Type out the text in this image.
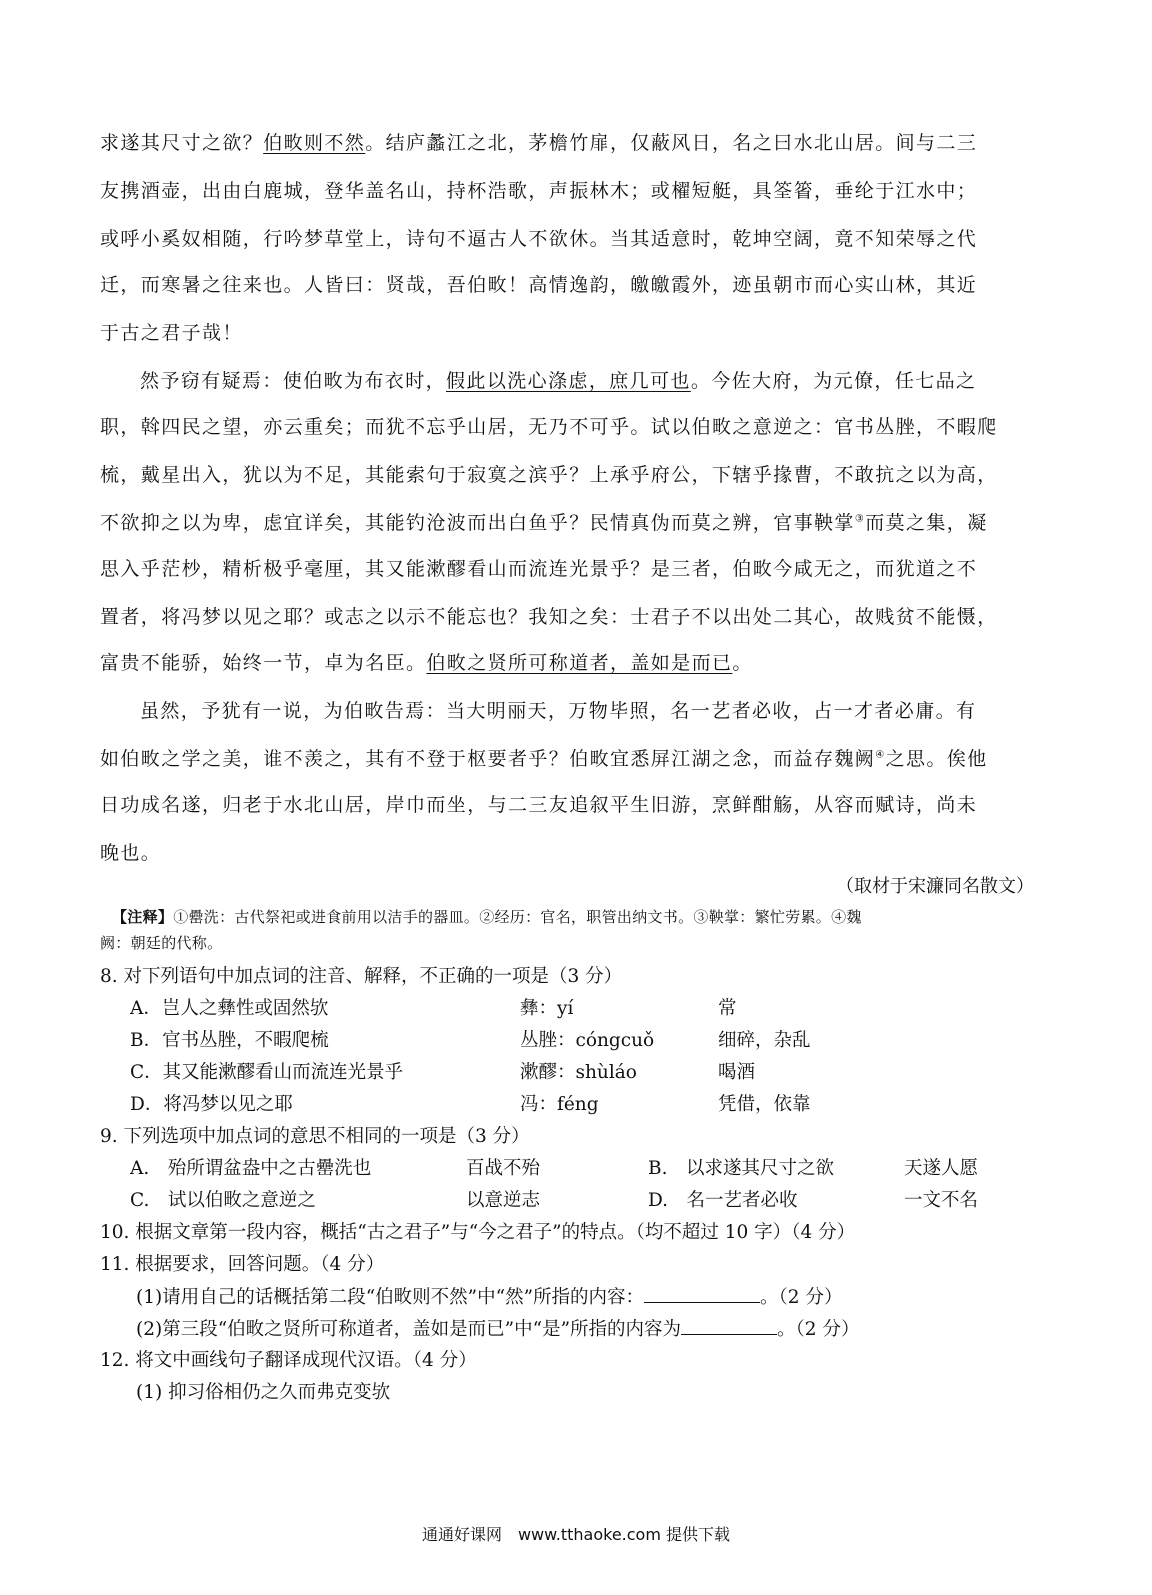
求遂其尺寸之欲？伯畋则不然。结庐蠡江之北，茅檐竹扉，仅蔽风日，名之曰水北山居。间与二三
友携酒壶，出由白鹿城，登华盖名山，持杯浩歌，声振林木；或櫂短艇，具筌箵，垂纶于江水中；
或呼小奚奴相随，行吟梦草堂上，诗句不逼古人不欲休。当其适意时，乾坤空阔，竟不知荣辱之代
迁，而寒暑之往来也。人皆曰：贤哉，吾伯畋！高情逸韵，皦皦霞外，迹虽朝市而心实山林，其近
于古之君子哉！
然予窃有疑焉：使伯畋为布衣时，假此以洗心涤虑，庶几可也。今佐大府，为元僚，任七品之
职，斡四民之望，亦云重矣；而犹不忘乎山居，无乃不可乎。试以伯畋之意逆之：官书丛脞，不暇爬
梳，戴星出入，犹以为不足，其能索句于寂寞之滨乎？上承乎府公，下辖乎掾曹，不敢抗之以为高，
不欲抑之以为卑，虑宜详矣，其能钓沧波而出白鱼乎？民情真伪而莫之辨，官事鞅掌③而莫之集，凝
思入乎茫杪，精析极乎毫厘，其又能漱醪看山而流连光景乎？是三者，伯畋今咸无之，而犹道之不
置者，将冯梦以见之耶？或志之以示不能忘也？我知之矣：士君子不以出处二其心，故贱贫不能慑，
富贵不能骄，始终一节，卓为名臣。伯畋之贤所可称道者，盖如是而已。
虽然，予犹有一说，为伯畋告焉：当大明丽天，万物毕照，名一艺者必收，占一才者必庸。有
如伯畋之学之美，谁不羡之，其有不登于枢要者乎？伯畋宜悉屏江湖之念，而益存魏阙④之思。俟他
日功成名遂，归老于水北山居，岸巾而坐，与二三友追叙平生旧游，烹鲜酣觞，从容而赋诗，尚未
晚也。
（取材于宋濂同名散文）
【注释】①罍洗：古代祭祀或进食前用以洁手的器皿。②经历：官名，职管出纳文书。③鞅掌：繁忙劳累。④魏
阙：朝廷的代称。
8. 对下列语句中加点词的注音、解释，不正确的一项是（3 分）
A．岂人之彝性或固然欤	彝：yí	常
B．官书丛脞，不暇爬梳	丛脞：cóngcuǒ	细碎，杂乱
C．其又能漱醪看山而流连光景乎	漱醪：shùláo	喝酒
D．将冯梦以见之耶	冯：féng	凭借，依靠
9. 下列选项中加点词的意思不相同的一项是（3 分）
A.　殆所谓盆盎中之古罍洗也	百战不殆	B.　以求遂其尺寸之欲	天遂人愿
C.　试以伯畋之意逆之	以意逆志	D.　名一艺者必收	一文不名
10. 根据文章第一段内容，概括“古之君子”与“今之君子”的特点。（均不超过 10 字）（4 分）
11. 根据要求，回答问题。（4 分）
(1)请用自己的话概括第二段“伯畋则不然”中“然”所指的内容：	。（2 分）
(2)第三段“伯畋之贤所可称道者，盖如是而已”中“是”所指的内容为	。（2 分）
12. 将文中画线句子翻译成现代汉语。（4 分）
(1) 抑习俗相仍之久而弗克变欤
通通好课网　www.tthaoke.com 提供下载
